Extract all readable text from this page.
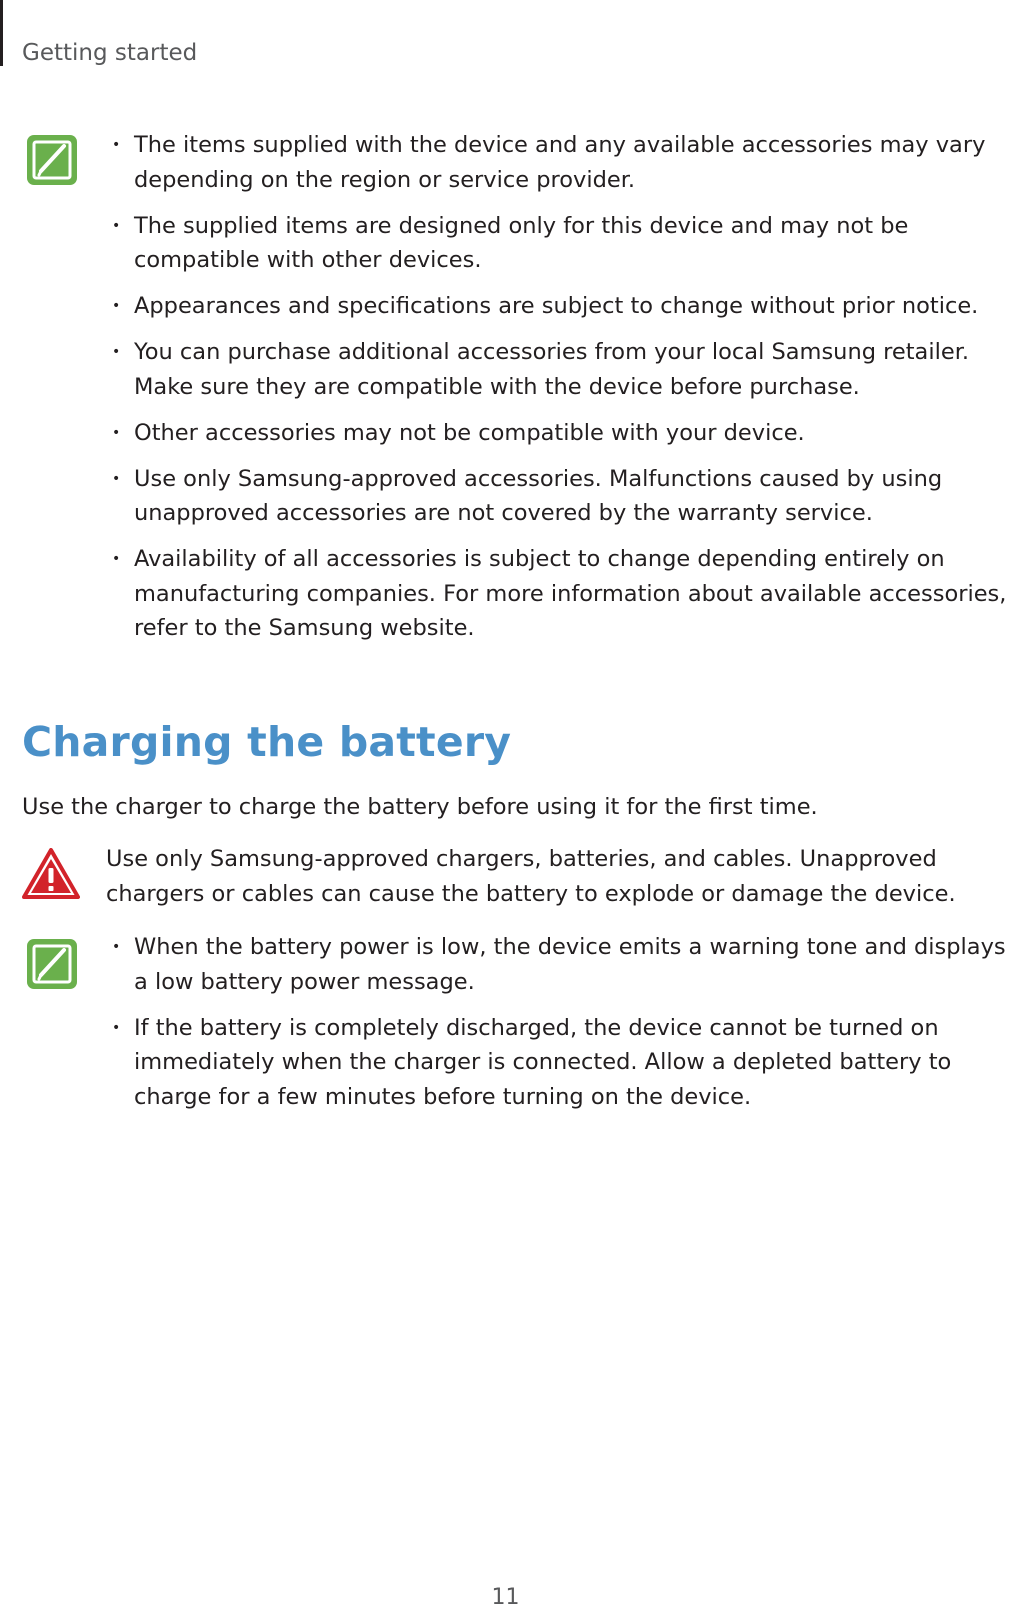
Getting started
• The items supplied with the device and any available accessories may vary depending on the region or service provider.
• The supplied items are designed only for this device and may not be compatible with other devices.
• Appearances and specifications are subject to change without prior notice.
• You can purchase additional accessories from your local Samsung retailer. Make sure they are compatible with the device before purchase.
• Other accessories may not be compatible with your device.
• Use only Samsung-approved accessories. Malfunctions caused by using unapproved accessories are not covered by the warranty service.
• Availability of all accessories is subject to change depending entirely on manufacturing companies. For more information about available accessories, refer to the Samsung website.
Charging the battery

Use the charger to charge the battery before using it for the first time.

Use only Samsung-approved chargers, batteries, and cables. Unapproved chargers or cables can cause the battery to explode or damage the device.

• When the battery power is low, the device emits a warning tone and displays a low battery power message.
• If the battery is completely discharged, the device cannot be turned on immediately when the charger is connected. Allow a depleted battery to charge for a few minutes before turning on the device.
11
